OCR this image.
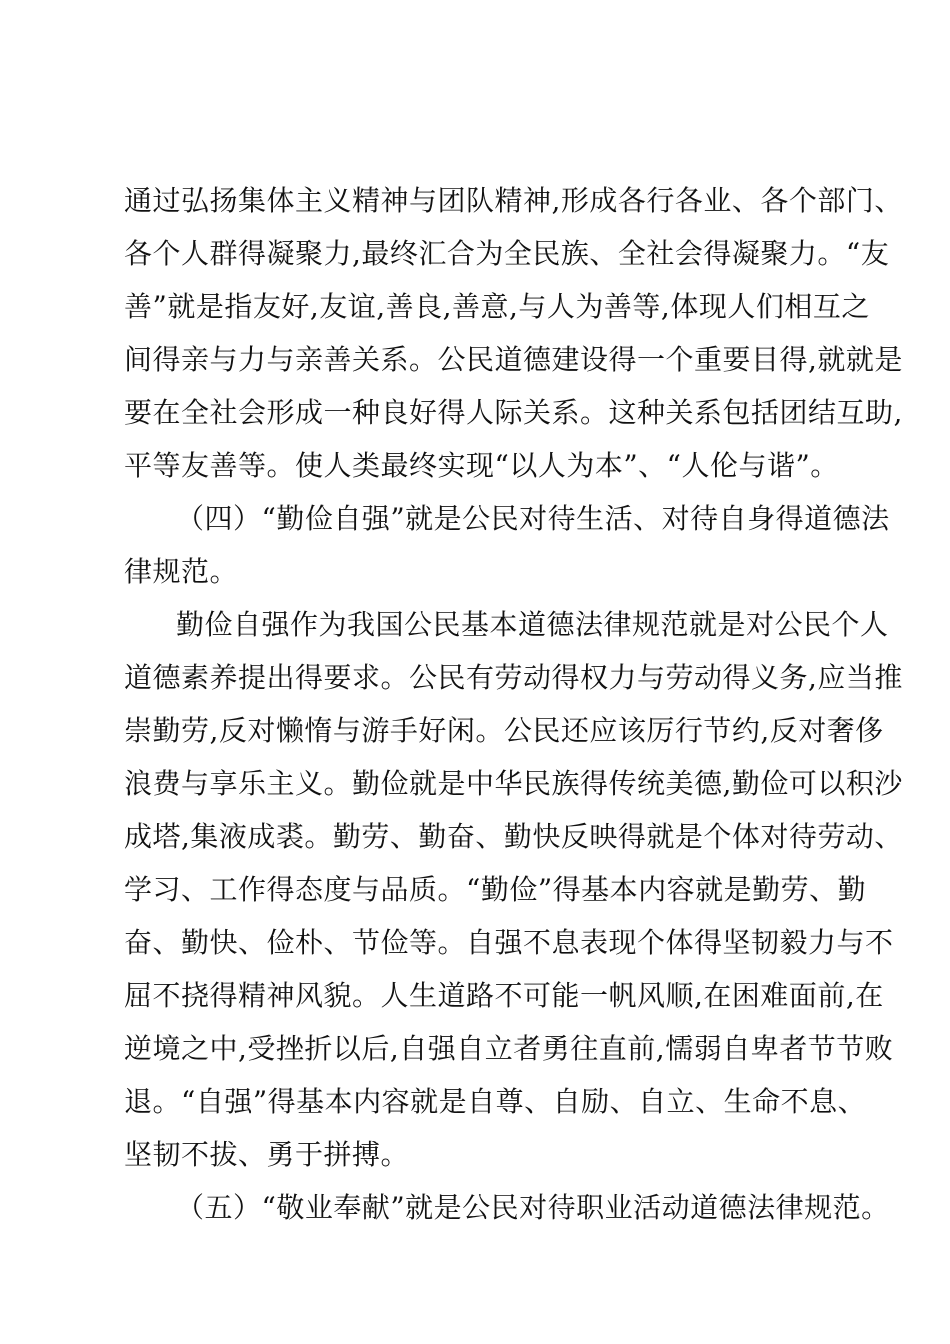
通过弘扬集体主义精神与团队精神,形成各行各业、各个部门、
各个人群得凝聚力,最终汇合为全民族、全社会得凝聚力。“友
善”就是指友好,友谊,善良,善意,与人为善等,体现人们相互之
间得亲与力与亲善关系。公民道德建设得一个重要目得,就就是
要在全社会形成一种良好得人际关系。这种关系包括团结互助,
平等友善等。使人类最终实现“以人为本”、“人伦与谐”。
（四）“勤俭自强”就是公民对待生活、对待自身得道德法
律规范。
勤俭自强作为我国公民基本道德法律规范就是对公民个人
道德素养提出得要求。公民有劳动得权力与劳动得义务,应当推
崇勤劳,反对懒惰与游手好闲。公民还应该厉行节约,反对奢侈
浪费与享乐主义。勤俭就是中华民族得传统美德,勤俭可以积沙
成塔,集液成裘。勤劳、勤奋、勤快反映得就是个体对待劳动、
学习、工作得态度与品质。“勤俭”得基本内容就是勤劳、勤
奋、勤快、俭朴、节俭等。自强不息表现个体得坚韧毅力与不
屈不挠得精神风貌。人生道路不可能一帆风顺,在困难面前,在
逆境之中,受挫折以后,自强自立者勇往直前,懦弱自卑者节节败
退。“自强”得基本内容就是自尊、自励、自立、生命不息、
坚韧不拔、勇于拼搏。
（五）“敬业奉献”就是公民对待职业活动道德法律规范。
